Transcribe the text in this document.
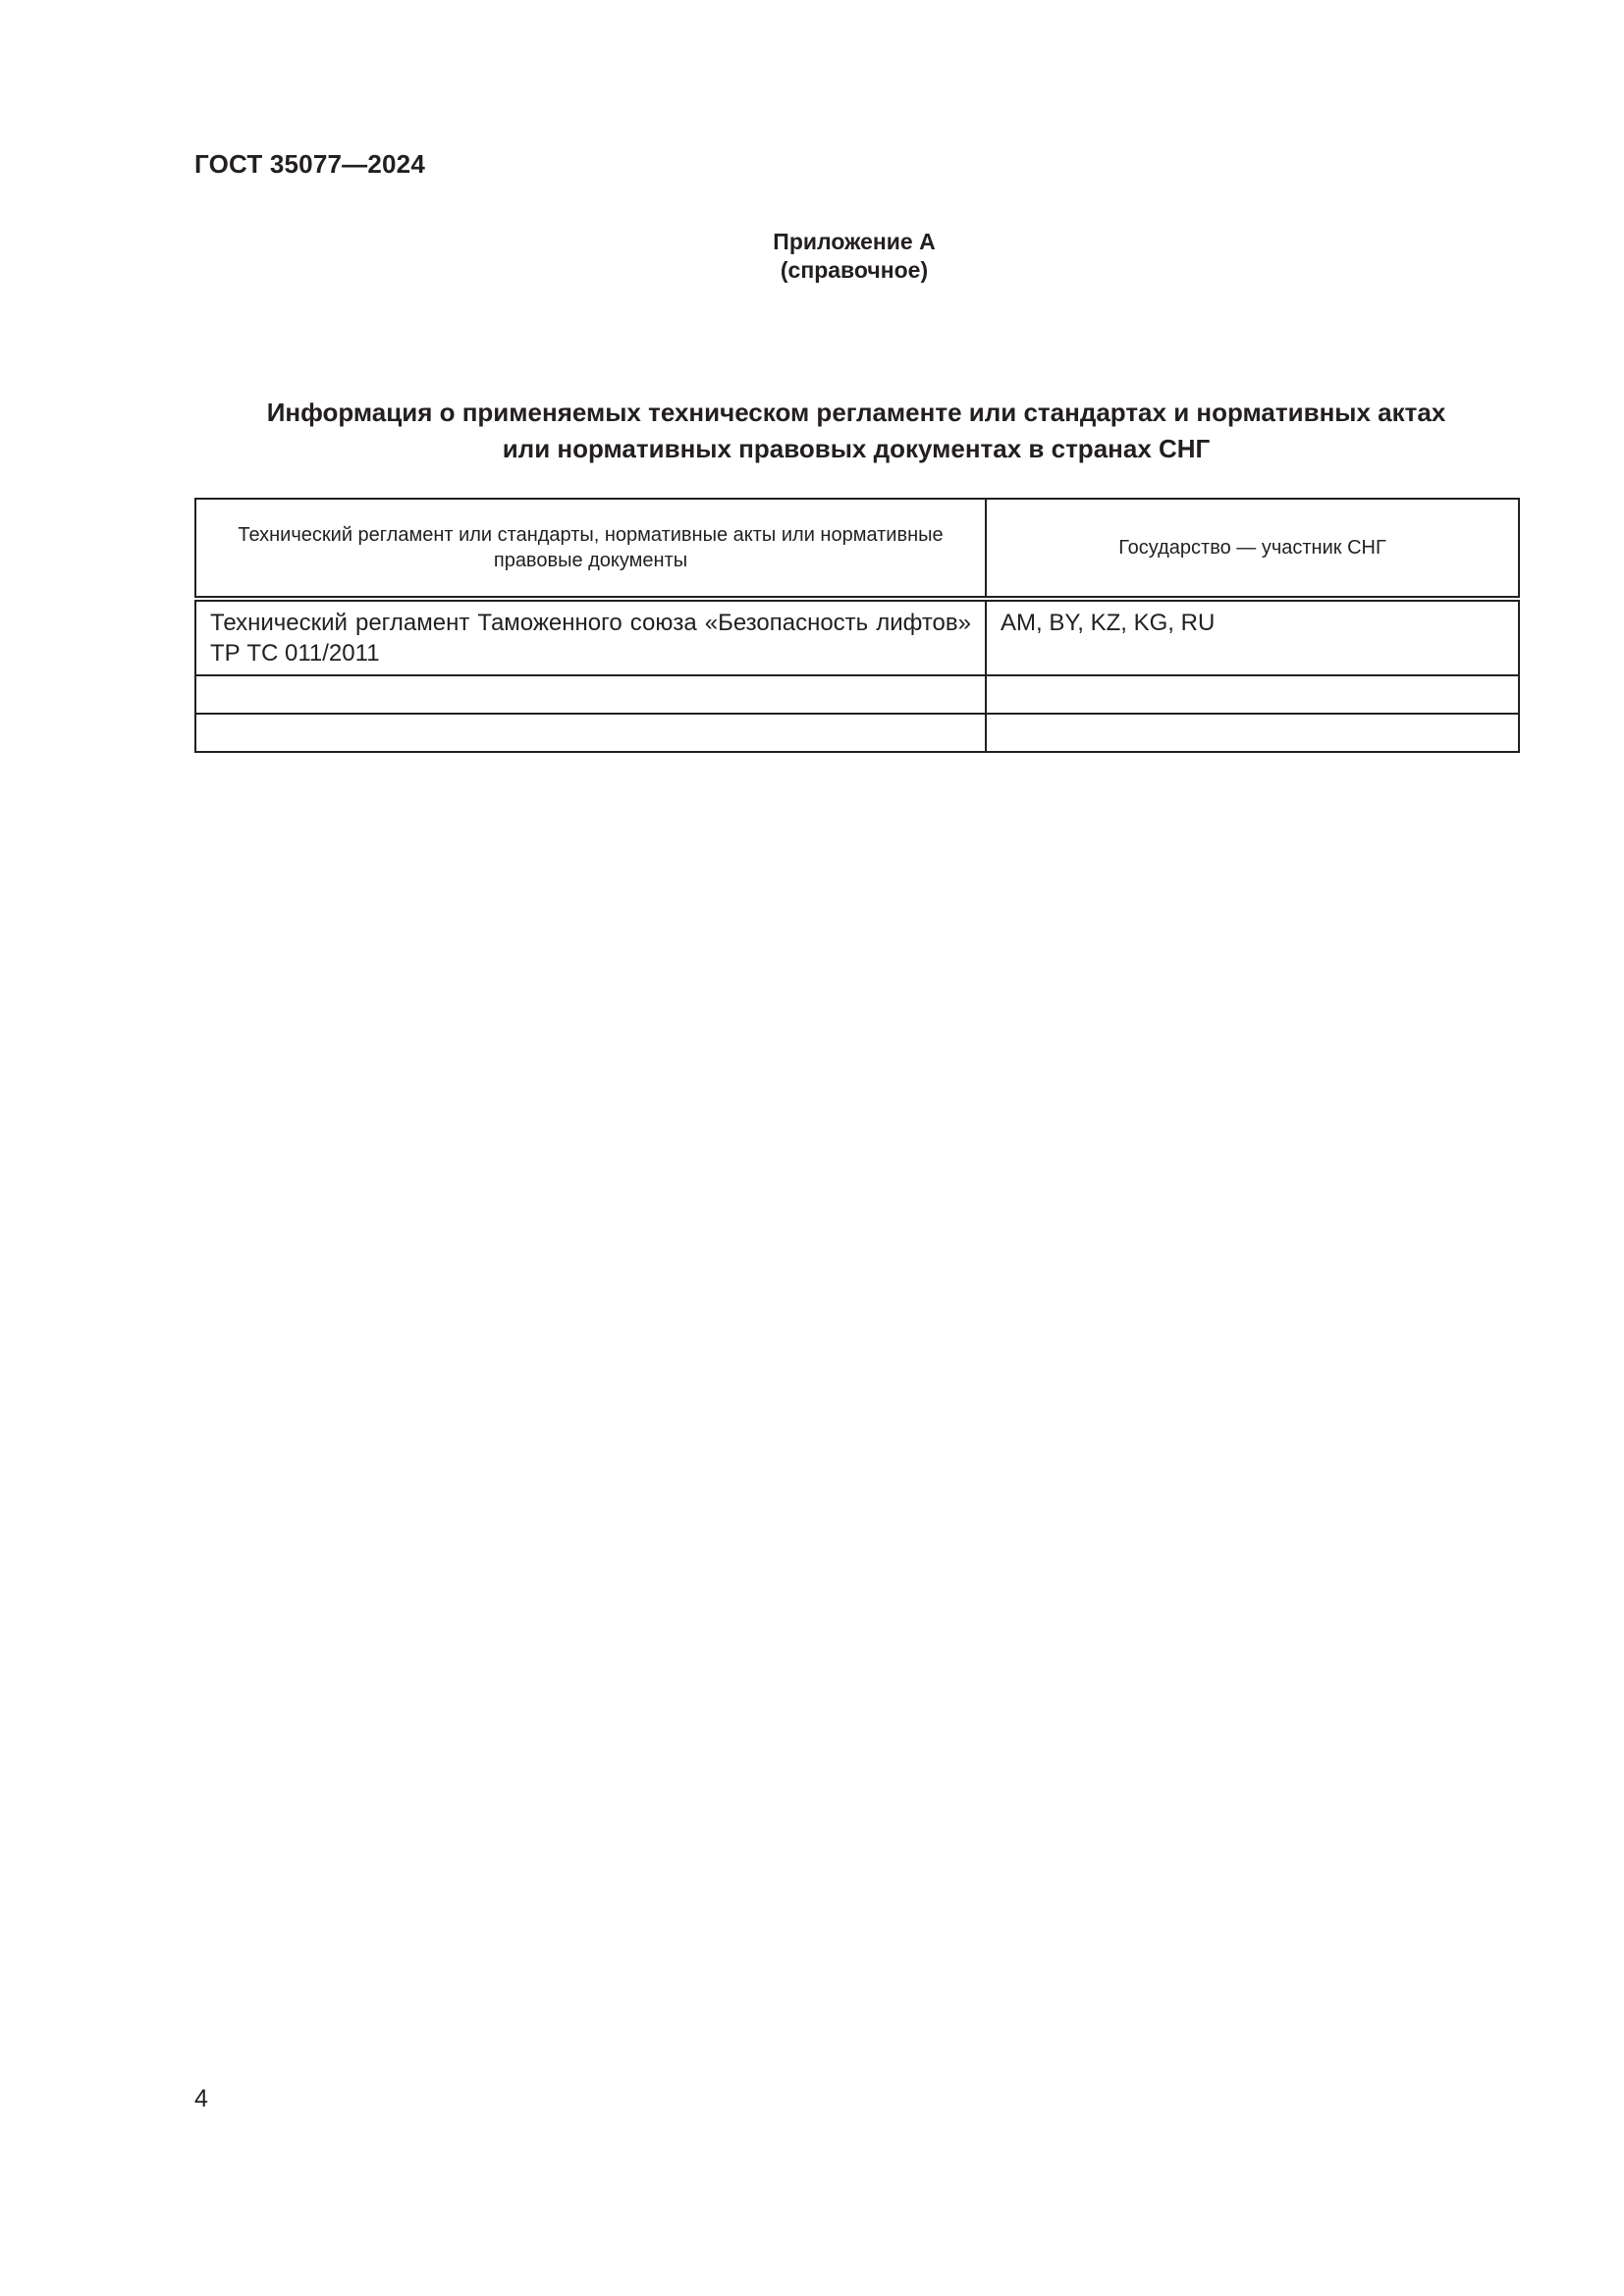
ГОСТ 35077—2024
Приложение А
(справочное)
Информация о применяемых техническом регламенте или стандартах и нормативных актах
или нормативных правовых документах в странах СНГ
Технический регламент или стандарты, нормативные акты или нормативные правовые документы	Государство — участник СНГ
Технический регламент Таможенного союза «Безопасность лифтов» ТР ТС 011/2011	AM, BY, KZ, KG, RU

4
